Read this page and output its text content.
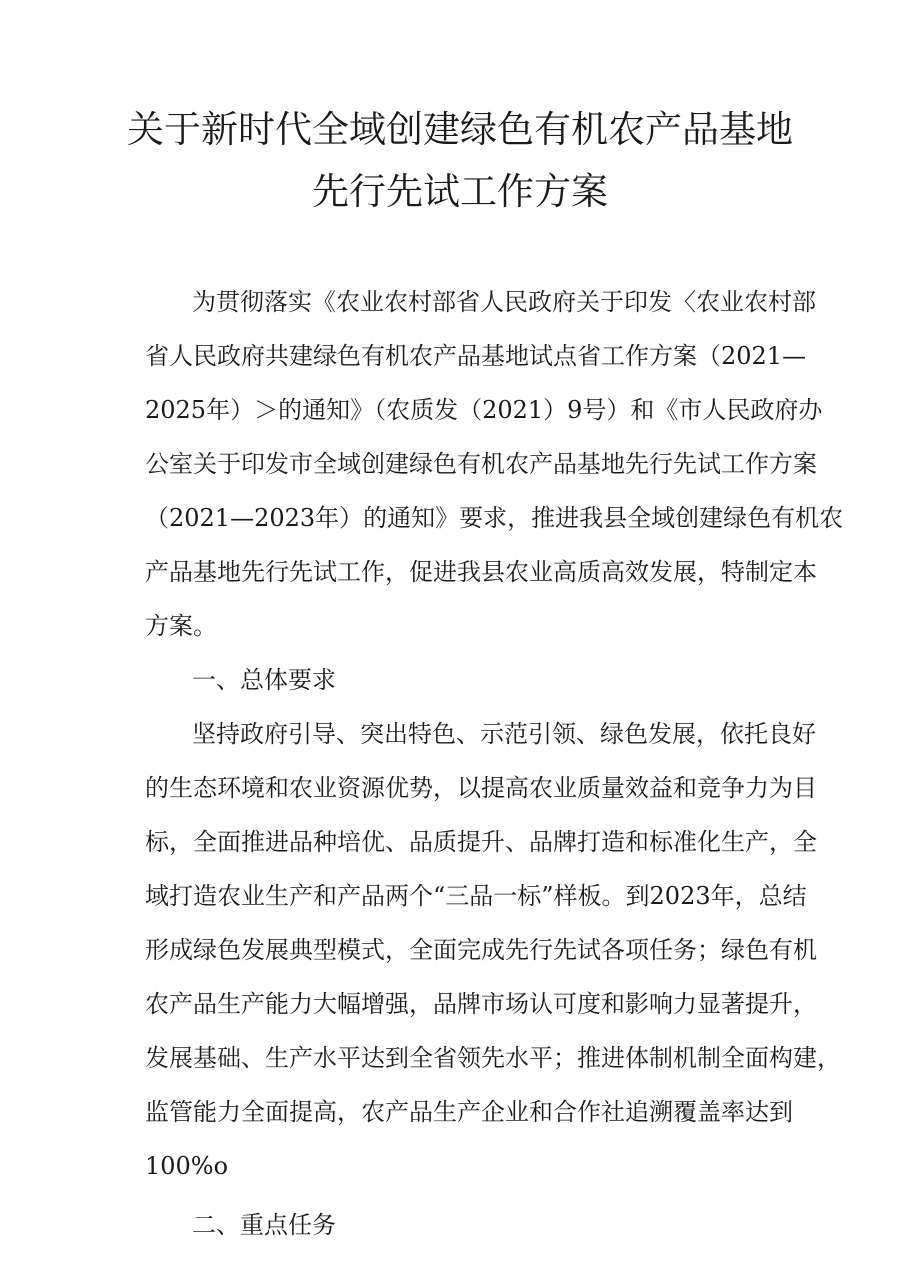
关于新时代全域创建绿色有机农产品基地
先行先试工作方案
为贯彻落实《农业农村部省人民政府关于印发〈农业农村部
省人民政府共建绿色有机农产品基地试点省工作方案（2021—
2025年）＞的通知》（农质发（2021）9号）和《市人民政府办
公室关于印发市全域创建绿色有机农产品基地先行先试工作方案
（2021—2023年）的通知》要求，推进我县全域创建绿色有机农
产品基地先行先试工作，促进我县农业高质高效发展，特制定本
方案。
一、总体要求
坚持政府引导、突出特色、示范引领、绿色发展，依托良好
的生态环境和农业资源优势，以提高农业质量效益和竞争力为目
标，全面推进品种培优、品质提升、品牌打造和标准化生产，全
域打造农业生产和产品两个“三品一标”样板。到2023年，总结
形成绿色发展典型模式，全面完成先行先试各项任务；绿色有机
农产品生产能力大幅增强，品牌市场认可度和影响力显著提升，
发展基础、生产水平达到全省领先水平；推进体制机制全面构建，
监管能力全面提高，农产品生产企业和合作社追溯覆盖率达到
100%o
二、重点任务
